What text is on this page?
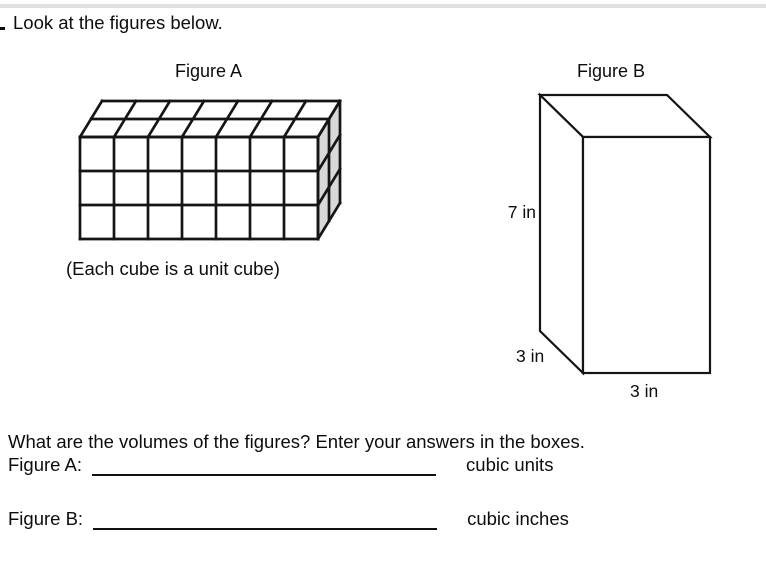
Look at the figures below.
Figure A
(Each cube is a unit cube)
Figure B
7 in
3 in
3 in
What are the volumes of the figures? Enter your answers in the boxes.
Figure A:	cubic units
Figure B:	cubic inches
